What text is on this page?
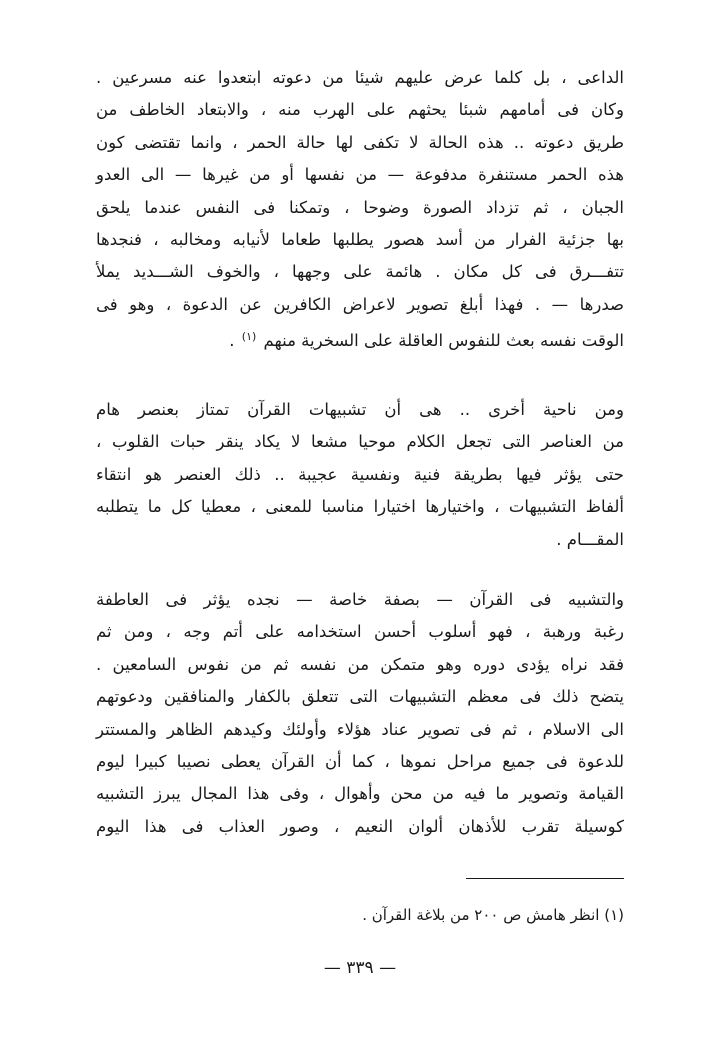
الداعى ، بل كلما عرض عليهم شيئا من دعوته ابتعدوا عنه مسرعين .
وكان فى أمامهم شبئا يحثهم على الهرب منه ، والابتعاد الخاطف من
طريق دعوته .. هذه الحالة لا تكفى لها حالة الحمر ، وانما تقتضى كون
هذه الحمر مستنفرة مدفوعة — من نفسها أو من غيرها — الى العدو
الجبان ، ثم تزداد الصورة وضوحا ، وتمكنا فى النفس عندما يلحق
بها جزئية الفرار من أسد هصور يطلبها طعاما لأنيابه ومخالبه ، فنجدها
تتفـــرق فى كل مكان . هائمة على وجهها ، والخوف الشـــديد يملأ
صدرها — . فهذا أبلغ تصوير لاعراض الكافرين عن الدعوة ، وهو فى
الوقت نفسه بعث للنفوس العاقلة على السخرية منهم $^{(١)}$ .
ومن ناحية أخرى .. هى أن تشبيهات القرآن تمتاز بعنصر هام
من العناصر التى تجعل الكلام موحيا مشعا لا يكاد ينقر حبات القلوب ،
حتى يؤثر فيها بطريقة فنية ونفسية عجيبة .. ذلك العنصر هو انتقاء
ألفاظ التشبيهات ، واختيارها اختيارا مناسبا للمعنى ، معطيا كل ما يتطلبه
المقـــام .
والتشبيه فى القرآن — بصفة خاصة — نجده يؤثر فى العاطفة
رغبة ورهبة ، فهو أسلوب أحسن استخدامه على أتم وجه ، ومن ثم
فقد نراه يؤدى دوره وهو متمكن من نفسه ثم من نفوس السامعين .
يتضح ذلك فى معظم التشبيهات التى تتعلق بالكفار والمنافقين ودعوتهم
الى الاسلام ، ثم فى تصوير عناد هؤلاء وأولئك وكيدهم الظاهر والمستتر
للدعوة فى جميع مراحل نموها ، كما أن القرآن يعطى نصيبا كبيرا ليوم
القيامة وتصوير ما فيه من محن وأهوال ، وفى هذا المجال يبرز التشبيه
كوسيلة تقرب للأذهان ألوان النعيم ، وصور العذاب فى هذا اليوم
(١) انظر هامش ص ٢٠٠ من بلاغة القرآن .
— ٣٣٩ —
